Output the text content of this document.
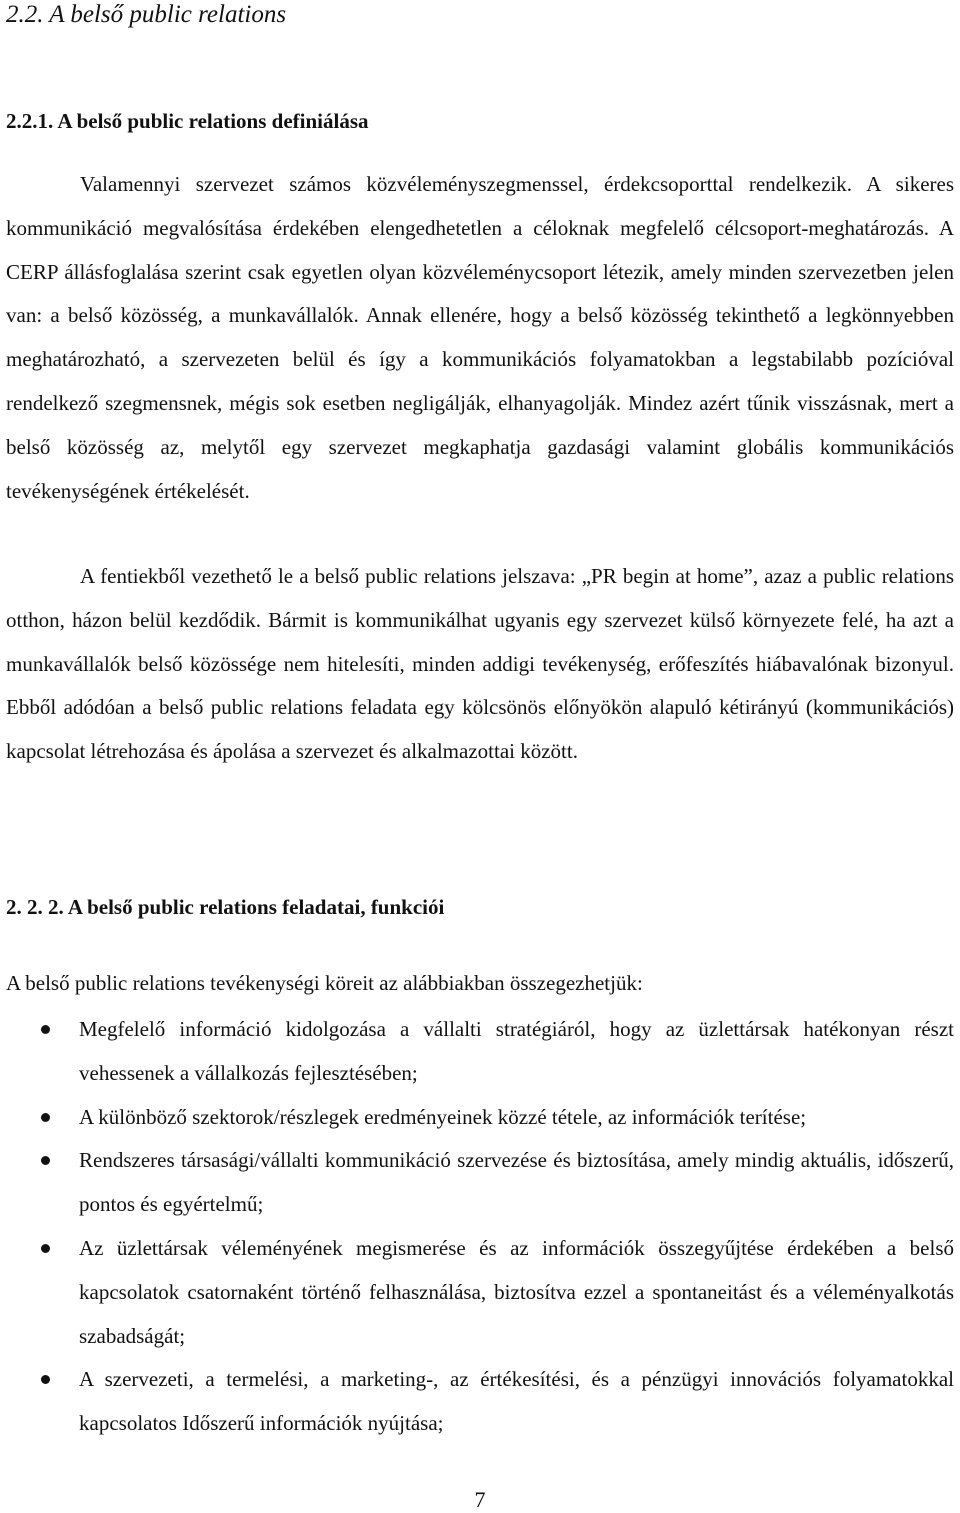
2.2. A belső public relations
2.2.1. A belső public relations definiálása

Valamennyi szervezet számos közvéleményszegmenssel, érdekcsoporttal rendelkezik. A sikeres kommunikáció megvalósítása érdekében elengedhetetlen a céloknak megfelelő célcsoport-meghatározás. A CERP állásfoglalása szerint csak egyetlen olyan közvéleménycsoport létezik, amely minden szervezetben jelen van: a belső közösség, a munkavállalók. Annak ellenére, hogy a belső közösség tekinthető a legkönnyebben meghatározható, a szervezeten belül és így a kommunikációs folyamatokban a legstabilabb pozícióval rendelkező szegmensnek, mégis sok esetben negligálják, elhanyagolják. Mindez azért tűnik visszásnak, mert a belső közösség az, melytől egy szervezet megkaphatja gazdasági valamint globális kommunikációs tevékenységének értékelését.

A fentiekből vezethető le a belső public relations jelszava: „PR begin at home”, azaz a public relations otthon, házon belül kezdődik. Bármit is kommunikálhat ugyanis egy szervezet külső környezete felé, ha azt a munkavállalók belső közössége nem hitelesíti, minden addigi tevékenység, erőfeszítés hiábavalónak bizonyul. Ebből adódóan a belső public relations feladata egy kölcsönös előnyökön alapuló kétirányú (kommunikációs) kapcsolat létrehozása és ápolása a szervezet és alkalmazottai között.

2. 2. 2. A belső public relations feladatai, funkciói

A belső public relations tevékenységi köreit az alábbiakban összegezhetjük:

Megfelelő információ kidolgozása a vállalti stratégiáról, hogy az üzlettársak hatékonyan részt vehessenek a vállalkozás fejlesztésében;
A különböző szektorok/részlegek eredményeinek közzé tétele, az információk terítése;
Rendszeres társasági/vállalti kommunikáció szervezése és biztosítása, amely mindig aktuális, időszerű, pontos és egyértelmű;
Az üzlettársak véleményének megismerése és az információk összegyűjtése érdekében a belső kapcsolatok csatornaként történő felhasználása, biztosítva ezzel a spontaneitást és a véleményalkotás szabadságát;
A szervezeti, a termelési, a marketing-, az értékesítési, és a pénzügyi innovációs folyamatokkal kapcsolatos Időszerű információk nyújtása;

7
